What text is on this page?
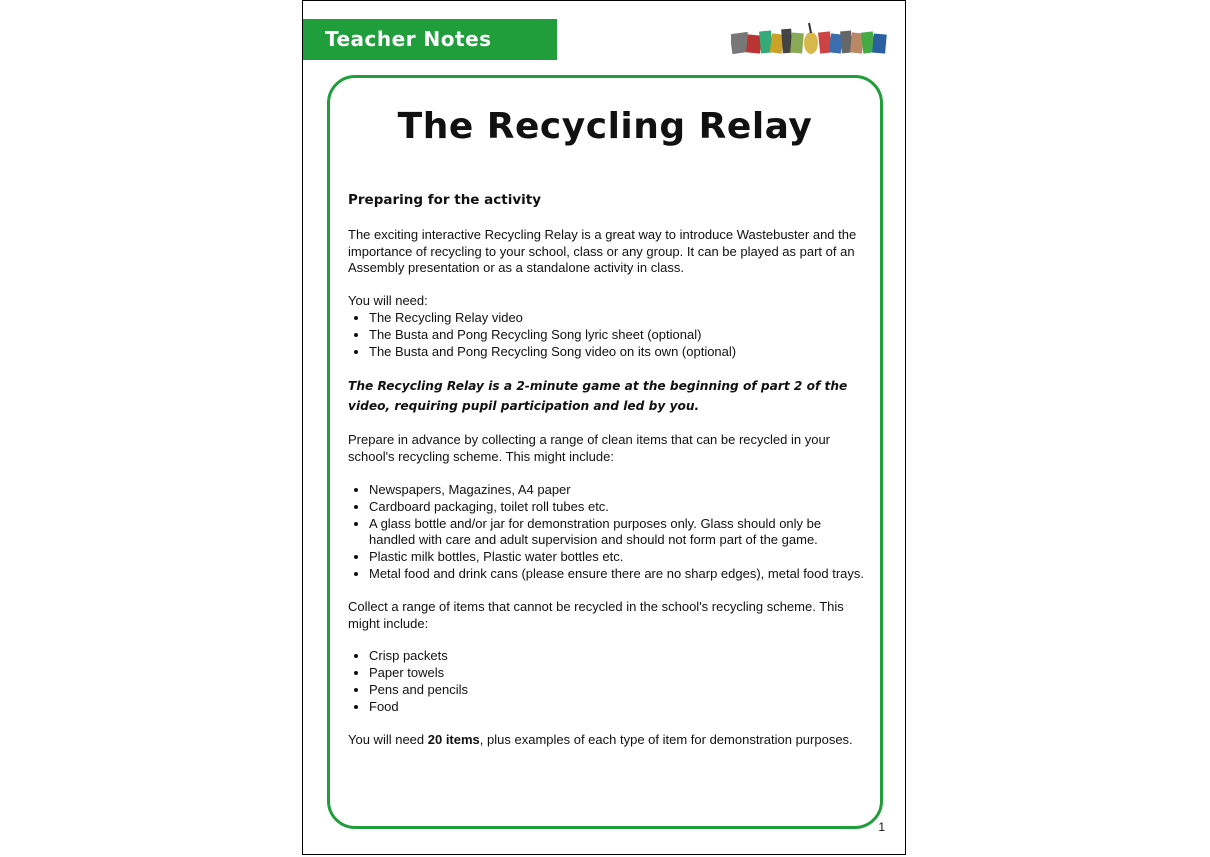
Teacher Notes
The Recycling Relay
Preparing for the activity

The exciting interactive Recycling Relay is a great way to introduce Wastebuster and the importance of recycling to your school, class or any group. It can be played as part of an Assembly presentation or as a standalone activity in class.

You will need:

• The Recycling Relay video
• The Busta and Pong Recycling Song lyric sheet (optional)
• The Busta and Pong Recycling Song video on its own (optional)

The Recycling Relay is a 2-minute game at the beginning of part 2 of the video, requiring pupil participation and led by you.

Prepare in advance by collecting a range of clean items that can be recycled in your school's recycling scheme. This might include:

• Newspapers, Magazines, A4 paper
• Cardboard packaging, toilet roll tubes etc.
• A glass bottle and/or jar for demonstration purposes only. Glass should only be handled with care and adult supervision and should not form part of the game.
• Plastic milk bottles, Plastic water bottles etc.
• Metal food and drink cans (please ensure there are no sharp edges), metal food trays.

Collect a range of items that cannot be recycled in the school's recycling scheme. This might include:

• Crisp packets
• Paper towels
• Pens and pencils
• Food

You will need 20 items, plus examples of each type of item for demonstration purposes.

1
